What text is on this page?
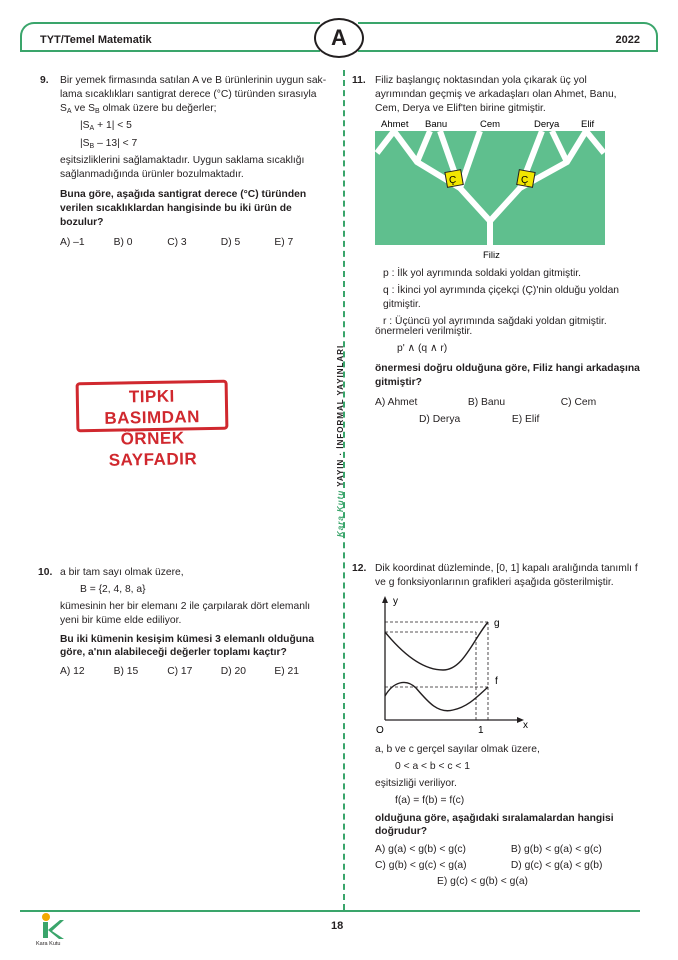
TYT/Temel Matematik	A	2022
Kara Kutu YAYIN · İNFORMAL YAYINLARI
9. Bir yemek firmasında satılan A ve B ürünlerinin uygun sak- lama sıcaklıkları santigrat derece (°C) türünden sırasıyla $S_A$ ve $S_B$ olmak üzere bu değerler;

$|S_A + 1| < 5$

$|S_B - 13| < 7$

eşitsizliklerini sağlamaktadır. Uygun saklama sıcaklığı sağlanmadığında ürünler bozulmaktadır.

Buna göre, aşağıda santigrat derece (°C) türünden verilen sıcaklıklardan hangisinde bu iki ürün de bozulur?

A) –1	B) 0	C) 3	D) 5	E) 7
TIPKI BASIMDAN
ÖRNEK SAYFADIR
10. a bir tam sayı olmak üzere,

B = {2, 4, 8, a}

kümesinin her bir elemanı 2 ile çarpılarak dört elemanlı yeni bir küme elde ediliyor.

Bu iki kümenin kesişim kümesi 3 elemanlı olduğuna göre, a'nın alabileceği değerler toplamı kaçtır?

A) 12	B) 15	C) 17	D) 20	E) 21
11. Filiz başlangıç noktasından yola çıkarak üç yol ayrımından geçmiş ve arkadaşları olan Ahmet, Banu, Cem, Derya ve Elif'ten birine gitmiştir.

Ahmet Banu	Cem	Derya Elif
Ç	Ç
Filiz

p : İlk yol ayrımında soldaki yoldan gitmiştir.

q : İkinci yol ayrımında çiçekçi (Ç)'nin olduğu yoldan gitmiştir.

r : Üçüncü yol ayrımında sağdaki yoldan gitmiştir.

önermeleri verilmiştir.

p' ∧ (q ∧ r)

önermesi doğru olduğuna göre, Filiz hangi arkadaşına gitmiştir?

A) Ahmet	B) Banu	C) Cem
D) Derya	E) Elif
12. Dik koordinat düzleminde, [0, 1] kapalı aralığında tanımlı f ve g fonksiyonlarının grafikleri aşağıda gösterilmiştir.

y
x
O	1
g
f

a, b ve c gerçel sayılar olmak üzere,

0 < a < b < c < 1

eşitsizliği veriliyor.

f(a) = f(b) = f(c)

olduğuna göre, aşağıdaki sıralamalardan hangisi doğrudur?

A) g(a) < g(b) < g(c)	B) g(b) < g(a) < g(c)
C) g(b) < g(c) < g(a)	D) g(c) < g(a) < g(b)
E) g(c) < g(b) < g(a)
Kara Kutu
18
